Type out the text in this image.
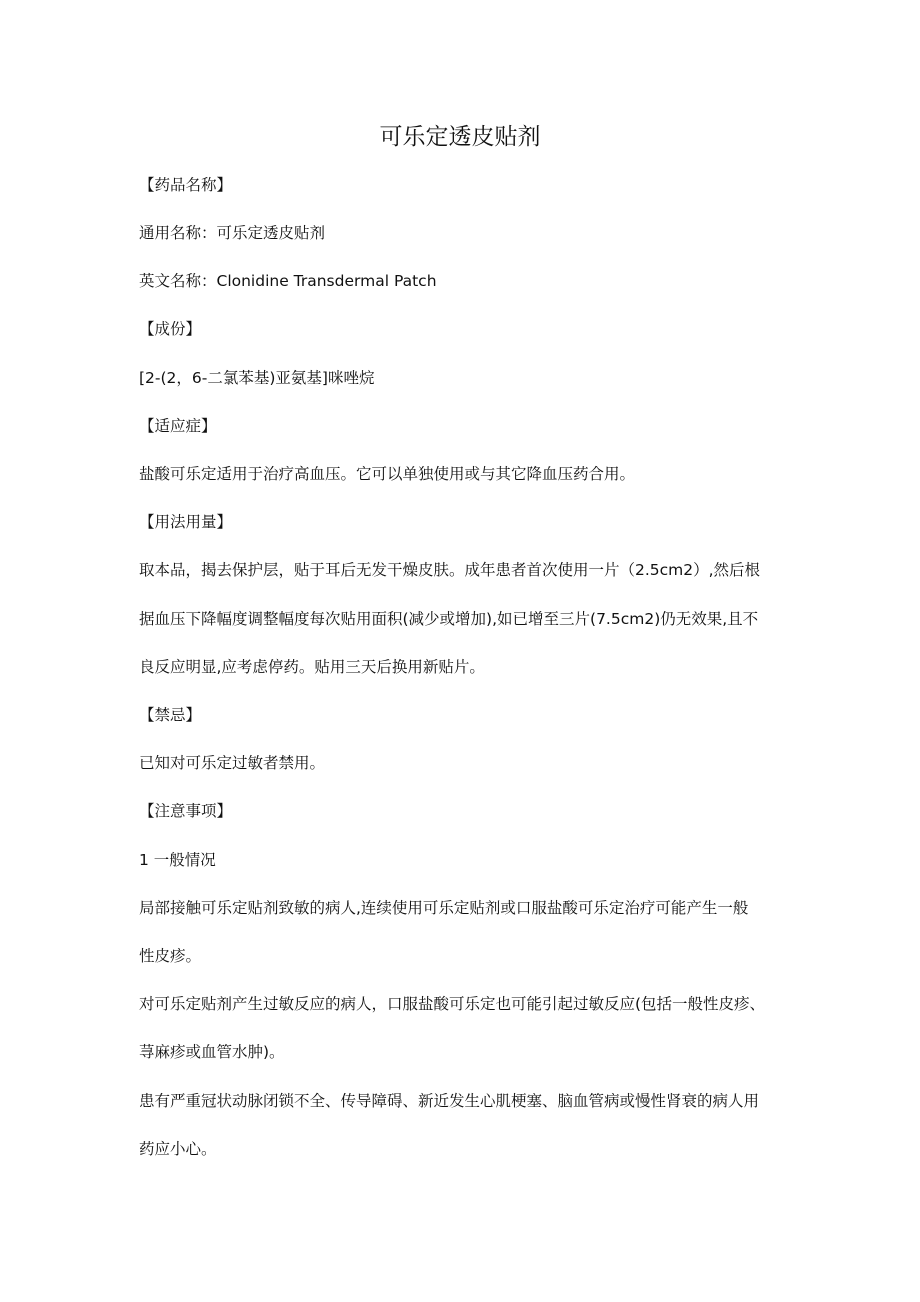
可乐定透皮贴剂

【药品名称】

通用名称：可乐定透皮贴剂

英文名称：Clonidine Transdermal Patch

【成份】

[2-(2，6-二氯苯基)亚氨基]咪唑烷

【适应症】

盐酸可乐定适用于治疗高血压。它可以单独使用或与其它降血压药合用。

【用法用量】

取本品，揭去保护层，贴于耳后无发干燥皮肤。成年患者首次使用一片（2.5cm2）,然后根

据血压下降幅度调整幅度每次贴用面积(减少或增加),如已增至三片(7.5cm2)仍无效果,且不

良反应明显,应考虑停药。贴用三天后换用新贴片。

【禁忌】

已知对可乐定过敏者禁用。

【注意事项】

1 一般情况

局部接触可乐定贴剂致敏的病人,连续使用可乐定贴剂或口服盐酸可乐定治疗可能产生一般

性皮疹。

对可乐定贴剂产生过敏反应的病人，口服盐酸可乐定也可能引起过敏反应(包括一般性皮疹、

荨麻疹或血管水肿)。

患有严重冠状动脉闭锁不全、传导障碍、新近发生心肌梗塞、脑血管病或慢性肾衰的病人用

药应小心。
